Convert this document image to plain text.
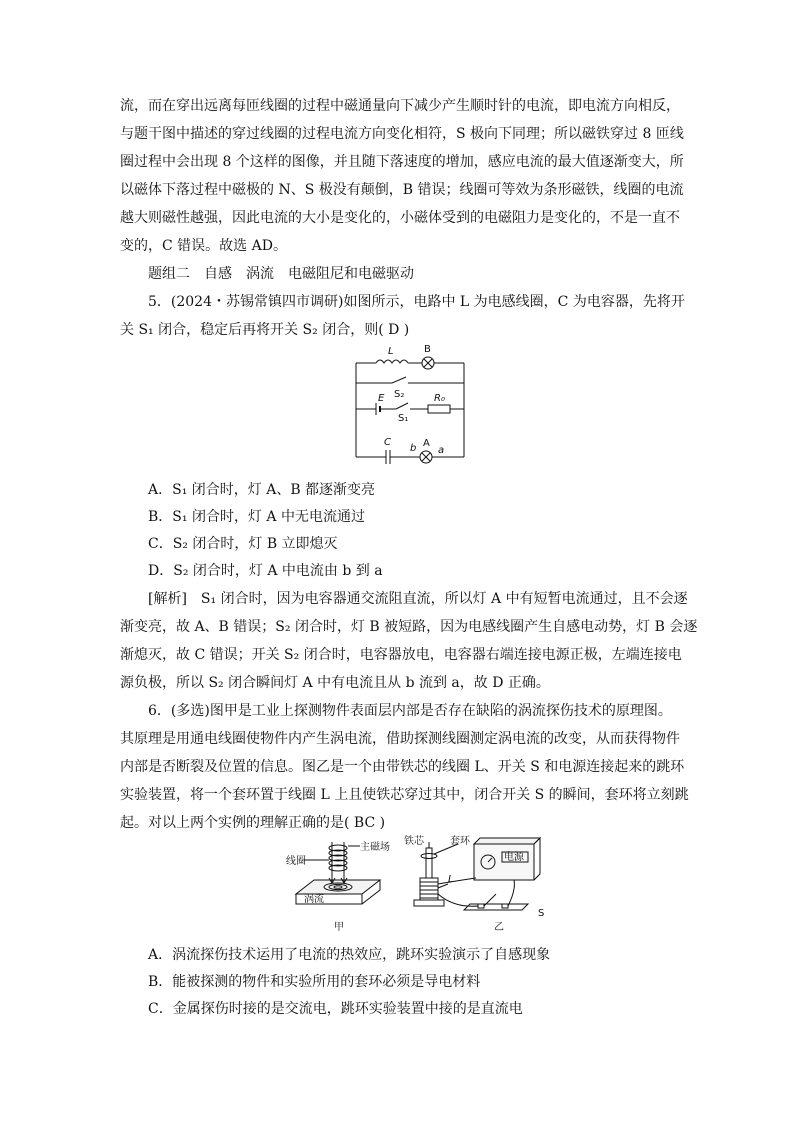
流，而在穿出远离每匝线圈的过程中磁通量向下减少产生顺时针的电流，即电流方向相反，
与题干图中描述的穿过线圈的过程电流方向变化相符，S 极向下同理；所以磁铁穿过 8 匝线
圈过程中会出现 8 个这样的图像，并且随下落速度的增加，感应电流的最大值逐渐变大，所
以磁体下落过程中磁极的 N、S 极没有颠倒，B 错误；线圈可等效为条形磁铁，线圈的电流
越大则磁性越强，因此电流的大小是变化的，小磁体受到的电磁阻力是变化的，不是一直不
变的，C 错误。故选 AD。
题组二　自感　涡流　电磁阻尼和电磁驱动
5．(2024・苏锡常镇四市调研)如图所示，电路中 L 为电感线圈，C 为电容器，先将开
关 S₁ 闭合，稳定后再将开关 S₂ 闭合，则( D )
L	B
S₂
E
S₁
R₀
C
b A
a
A．S₁ 闭合时，灯 A、B 都逐渐变亮
B．S₁ 闭合时，灯 A 中无电流通过
C．S₂ 闭合时，灯 B 立即熄灭
D．S₂ 闭合时，灯 A 中电流由 b 到 a
[解析]　S₁ 闭合时，因为电容器通交流阻直流，所以灯 A 中有短暂电流通过，且不会逐
渐变亮，故 A、B 错误；S₂ 闭合时，灯 B 被短路，因为电感线圈产生自感电动势，灯 B 会逐
渐熄灭，故 C 错误；开关 S₂ 闭合时，电容器放电，电容器右端连接电源正极，左端连接电
源负极，所以 S₂ 闭合瞬间灯 A 中有电流且从 b 流到 a，故 D 正确。
6．(多选)图甲是工业上探测物件表面层内部是否存在缺陷的涡流探伤技术的原理图。
其原理是用通电线圈使物件内产生涡电流，借助探测线圈测定涡电流的改变，从而获得物件
内部是否断裂及位置的信息。图乙是一个由带铁芯的线圈 L、开关 S 和电源连接起来的跳环
实验装置，将一个套环置于线圈 L 上且使铁芯穿过其中，闭合开关 S 的瞬间，套环将立刻跳
起。对以上两个实例的理解正确的是( BC )
主磁场
线圈
涡流
甲
铁芯	套环
电源
L
S
乙
A．涡流探伤技术运用了电流的热效应，跳环实验演示了自感现象
B．能被探测的物件和实验所用的套环必须是导电材料
C．金属探伤时接的是交流电，跳环实验装置中接的是直流电
